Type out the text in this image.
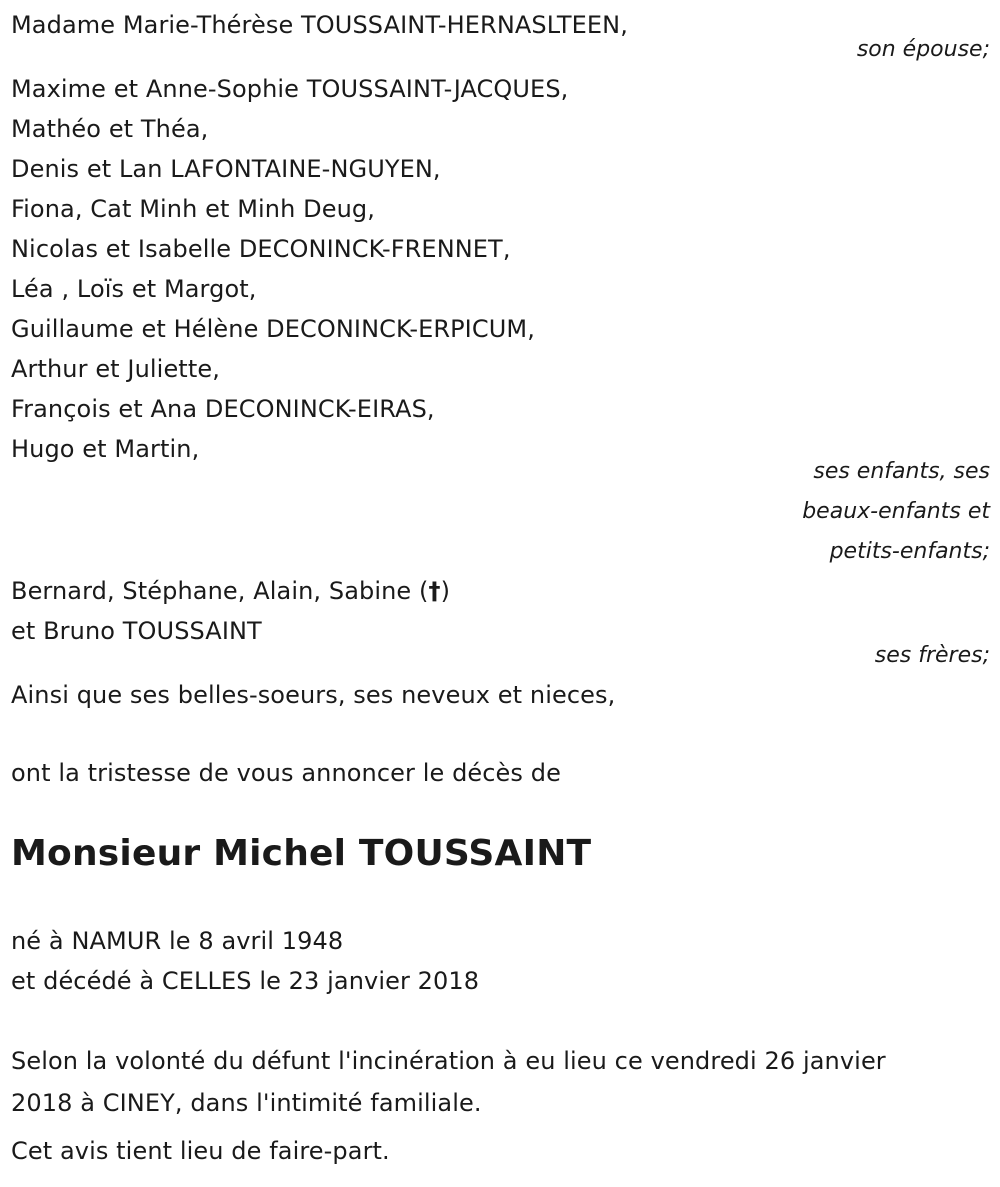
Madame Marie-Thérèse TOUSSAINT-HERNASLTEEN,
son épouse;
Maxime et Anne-Sophie TOUSSAINT-JACQUES,
Mathéo et Théa,
Denis et Lan LAFONTAINE-NGUYEN,
Fiona, Cat Minh et Minh Deug,
Nicolas et Isabelle DECONINCK-FRENNET,
Léa , Loïs et Margot,
Guillaume et Hélène DECONINCK-ERPICUM,
Arthur et Juliette,
François et Ana DECONINCK-EIRAS,
Hugo et Martin,
ses enfants, ses
beaux-enfants et
petits-enfants;
Bernard, Stéphane, Alain, Sabine (†)
et Bruno TOUSSAINT
ses frères;
Ainsi que ses belles-soeurs, ses neveux et nieces,
ont la tristesse de vous annoncer le décès de
Monsieur Michel TOUSSAINT
né à NAMUR le 8 avril 1948
et décédé à CELLES le 23 janvier 2018
Selon la volonté du défunt l'incinération à eu lieu ce vendredi 26 janvier
2018 à CINEY, dans l'intimité familiale.
Cet avis tient lieu de faire-part.
